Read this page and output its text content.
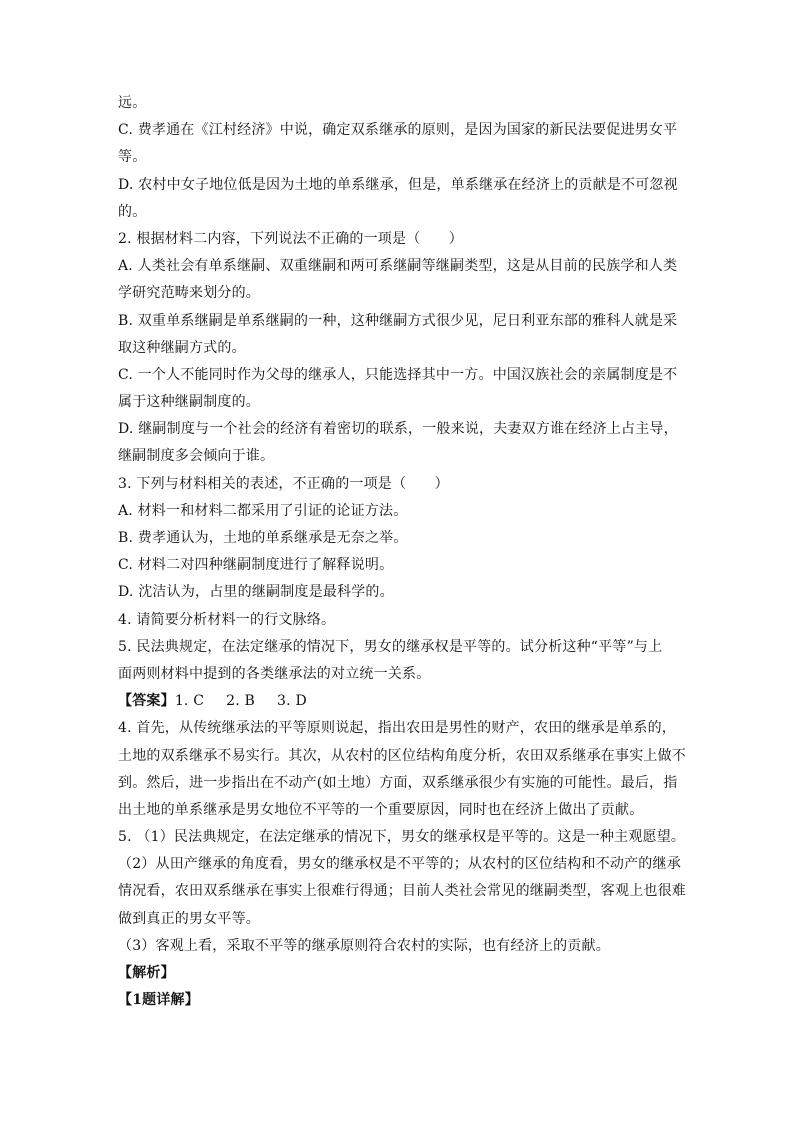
远。
C. 费孝通在《江村经济》中说，确定双系继承的原则，是因为国家的新民法要促进男女平
等。
D. 农村中女子地位低是因为土地的单系继承，但是，单系继承在经济上的贡献是不可忽视
的。
2. 根据材料二内容，下列说法不正确的一项是（　　）
A. 人类社会有单系继嗣、双重继嗣和两可系继嗣等继嗣类型，这是从目前的民族学和人类
学研究范畴来划分的。
B. 双重单系继嗣是单系继嗣的一种，这种继嗣方式很少见，尼日利亚东部的雅科人就是采
取这种继嗣方式的。
C. 一个人不能同时作为父母的继承人，只能选择其中一方。中国汉族社会的亲属制度是不
属于这种继嗣制度的。
D. 继嗣制度与一个社会的经济有着密切的联系，一般来说，夫妻双方谁在经济上占主导，
继嗣制度多会倾向于谁。
3. 下列与材料相关的表述，不正确的一项是（　　）
A. 材料一和材料二都采用了引证的论证方法。
B. 费孝通认为，土地的单系继承是无奈之举。
C. 材料二对四种继嗣制度进行了解释说明。
D. 沈洁认为，占里的继嗣制度是最科学的。
4. 请简要分析材料一的行文脉络。
5. 民法典规定，在法定继承的情况下，男女的继承权是平等的。试分析这种“平等”与上
面两则材料中提到的各类继承法的对立统一关系。
【答案】1. C 2. B 3. D
4. 首先，从传统继承法的平等原则说起，指出农田是男性的财产，农田的继承是单系的，
土地的双系继承不易实行。其次，从农村的区位结构角度分析，农田双系继承在事实上做不
到。然后，进一步指出在不动产(如土地）方面，双系继承很少有实施的可能性。最后，指
出土地的单系继承是男女地位不平等的一个重要原因，同时也在经济上做出了贡献。
5. （1）民法典规定，在法定继承的情况下，男女的继承权是平等的。这是一种主观愿望。
（2）从田产继承的角度看，男女的继承权是不平等的；从农村的区位结构和不动产的继承
情况看，农田双系继承在事实上很难行得通；目前人类社会常见的继嗣类型，客观上也很难
做到真正的男女平等。
（3）客观上看，采取不平等的继承原则符合农村的实际，也有经济上的贡献。
【解析】
【1题详解】
